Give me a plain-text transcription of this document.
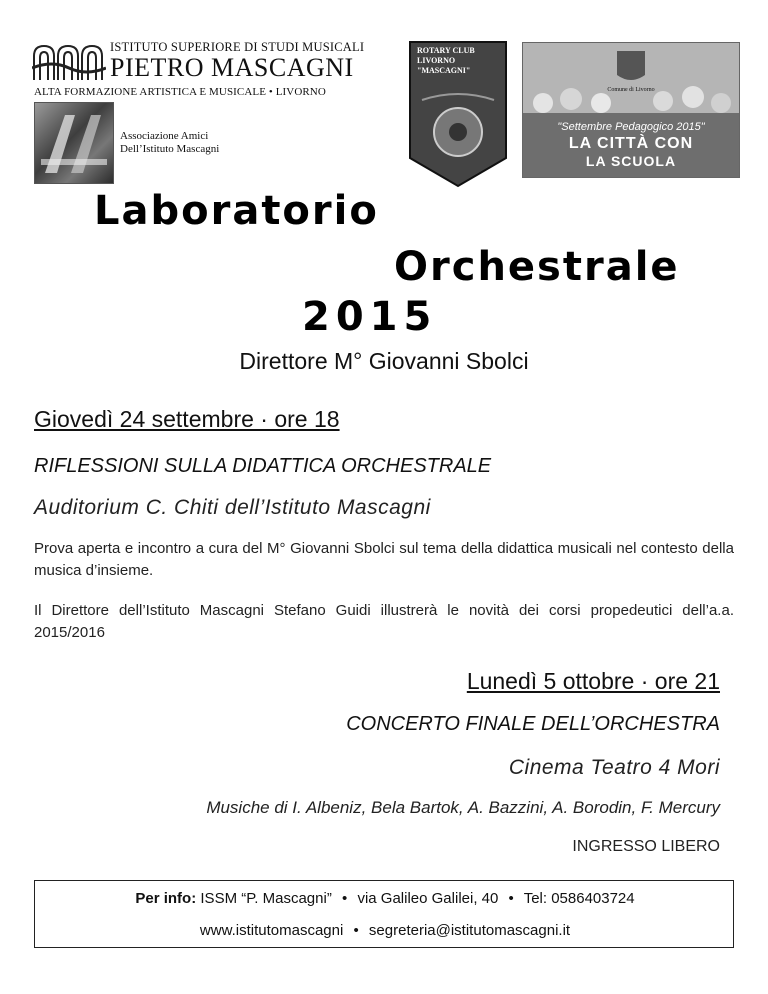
ISTITUTO SUPERIORE DI STUDI MUSICALI
PIETRO MASCAGNI
ALTA FORMAZIONE ARTISTICA E MUSICALE • LIVORNO
Associazione Amici
Dell’Istituto Mascagni
ROTARY CLUB
LIVORNO
"MASCAGNI"
Comune di Livorno
"Settembre Pedagogico 2015"
LA CITTÀ CON
LA SCUOLA
Laboratorio
Orchestrale
2015
Direttore M° Giovanni Sbolci
Giovedì 24 settembre · ore 18
RIFLESSIONI SULLA DIDATTICA ORCHESTRALE
Auditorium C. Chiti dell’Istituto Mascagni
Prova aperta e incontro a cura del M° Giovanni Sbolci sul tema della didattica musicali nel contesto della musica d’insieme.
Il Direttore dell’Istituto Mascagni Stefano Guidi illustrerà le novità dei corsi propedeutici dell’a.a. 2015/2016
Lunedì 5 ottobre · ore 21
CONCERTO FINALE DELL’ORCHESTRA
Cinema Teatro 4 Mori
Musiche di I. Albeniz, Bela Bartok, A. Bazzini, A. Borodin, F. Mercury
INGRESSO LIBERO
Per info: ISSM “P. Mascagni” • via Galileo Galilei, 40 • Tel: 0586403724
www.istitutomascagni • segreteria@istitutomascagni.it
